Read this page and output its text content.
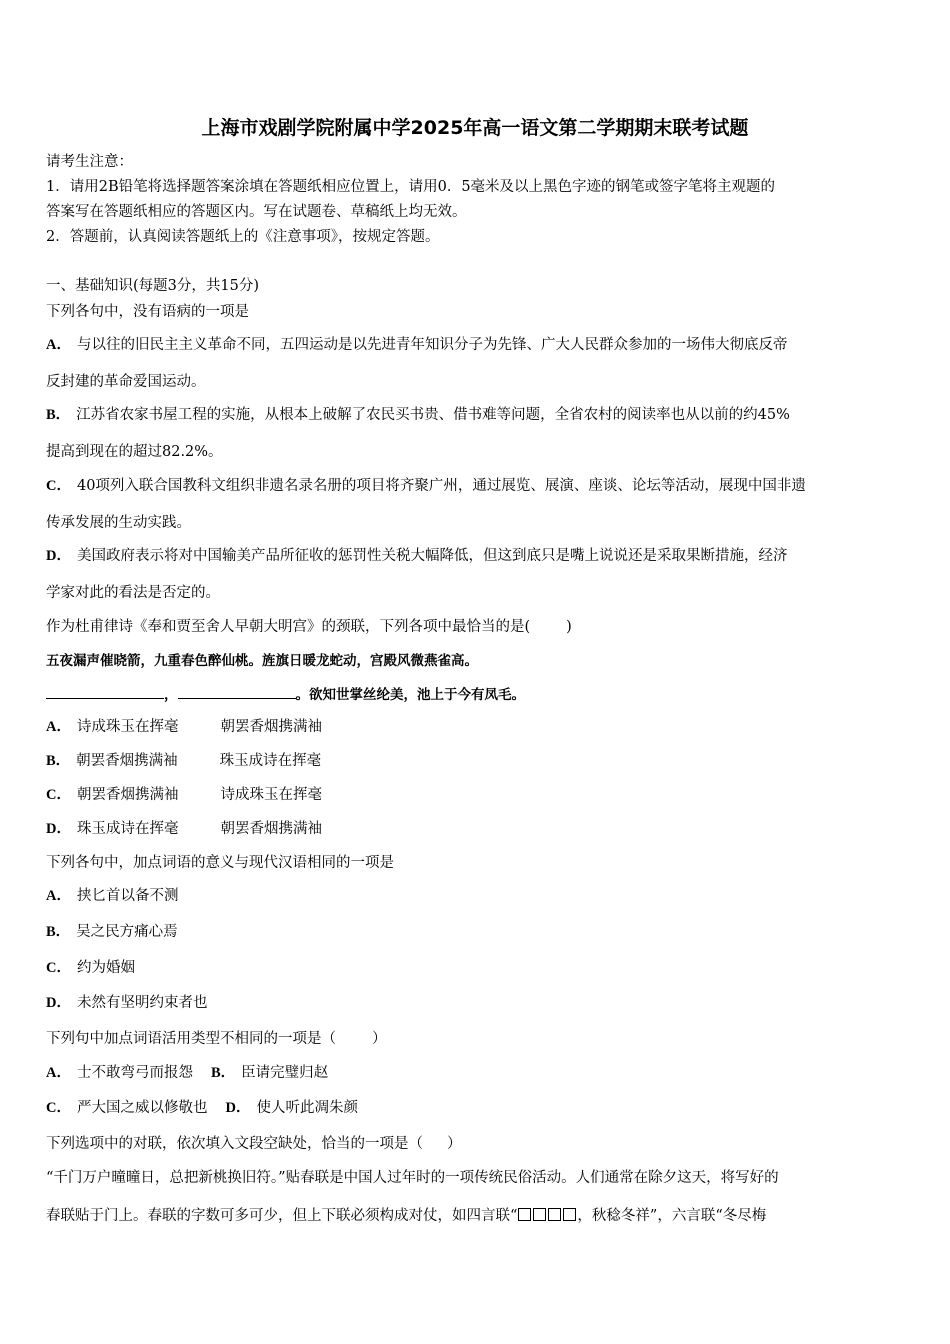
上海市戏剧学院附属中学2025年高一语文第二学期期末联考试题
请考生注意：
1．请用2B铅笔将选择题答案涂填在答题纸相应位置上，请用0．5毫米及以上黑色字迹的钢笔或签字笔将主观题的
答案写在答题纸相应的答题区内。写在试题卷、草稿纸上均无效。
2．答题前，认真阅读答题纸上的《注意事项》，按规定答题。
一、基础知识(每题3分，共15分)
下列各句中，没有语病的一项是
A． 与以往的旧民主主义革命不同，五四运动是以先进青年知识分子为先锋、广大人民群众参加的一场伟大彻底反帝
反封建的革命爱国运动。
B． 江苏省农家书屋工程的实施，从根本上破解了农民买书贵、借书难等问题，全省农村的阅读率也从以前的约45%
提高到现在的超过82.2%。
C． 40项列入联合国教科文组织非遗名录名册的项目将齐聚广州，通过展览、展演、座谈、论坛等活动，展现中国非遗
传承发展的生动实践。
D． 美国政府表示将对中国输美产品所征收的惩罚性关税大幅降低，但这到底只是嘴上说说还是采取果断措施，经济
学家对此的看法是否定的。
作为杜甫律诗《奉和贾至舍人早朝大明宫》的颈联，下列各项中最恰当的是( )
五夜漏声催晓箭，九重春色醉仙桃。旌旗日暖龙蛇动，宫殿风微燕雀高。
，	。欲知世掌丝纶美，池上于今有凤毛。
A． 诗成珠玉在挥毫	朝罢香烟携满袖
B． 朝罢香烟携满袖	珠玉成诗在挥毫
C． 朝罢香烟携满袖	诗成珠玉在挥毫
D． 珠玉成诗在挥毫	朝罢香烟携满袖
下列各句中，加点词语的意义与现代汉语相同的一项是
A． 挟匕首以备不测
B． 吴之民方痛心焉
C． 约为婚姻
D． 未然有坚明约束者也
下列句中加点词语活用类型不相同的一项是（ ）
A． 士不敢弯弓而报怨 B． 臣请完璧归赵
C． 严大国之威以修敬也 D． 使人听此凋朱颜
下列选项中的对联，依次填入文段空缺处，恰当的一项是（ ）
“千门万户曈曈日，总把新桃换旧符。”贴春联是中国人过年时的一项传统民俗活动。人们通常在除夕这天，将写好的
春联贴于门上。春联的字数可多可少，但上下联必须构成对仗，如四言联“	，秋稔冬祥”，六言联“冬尽梅
